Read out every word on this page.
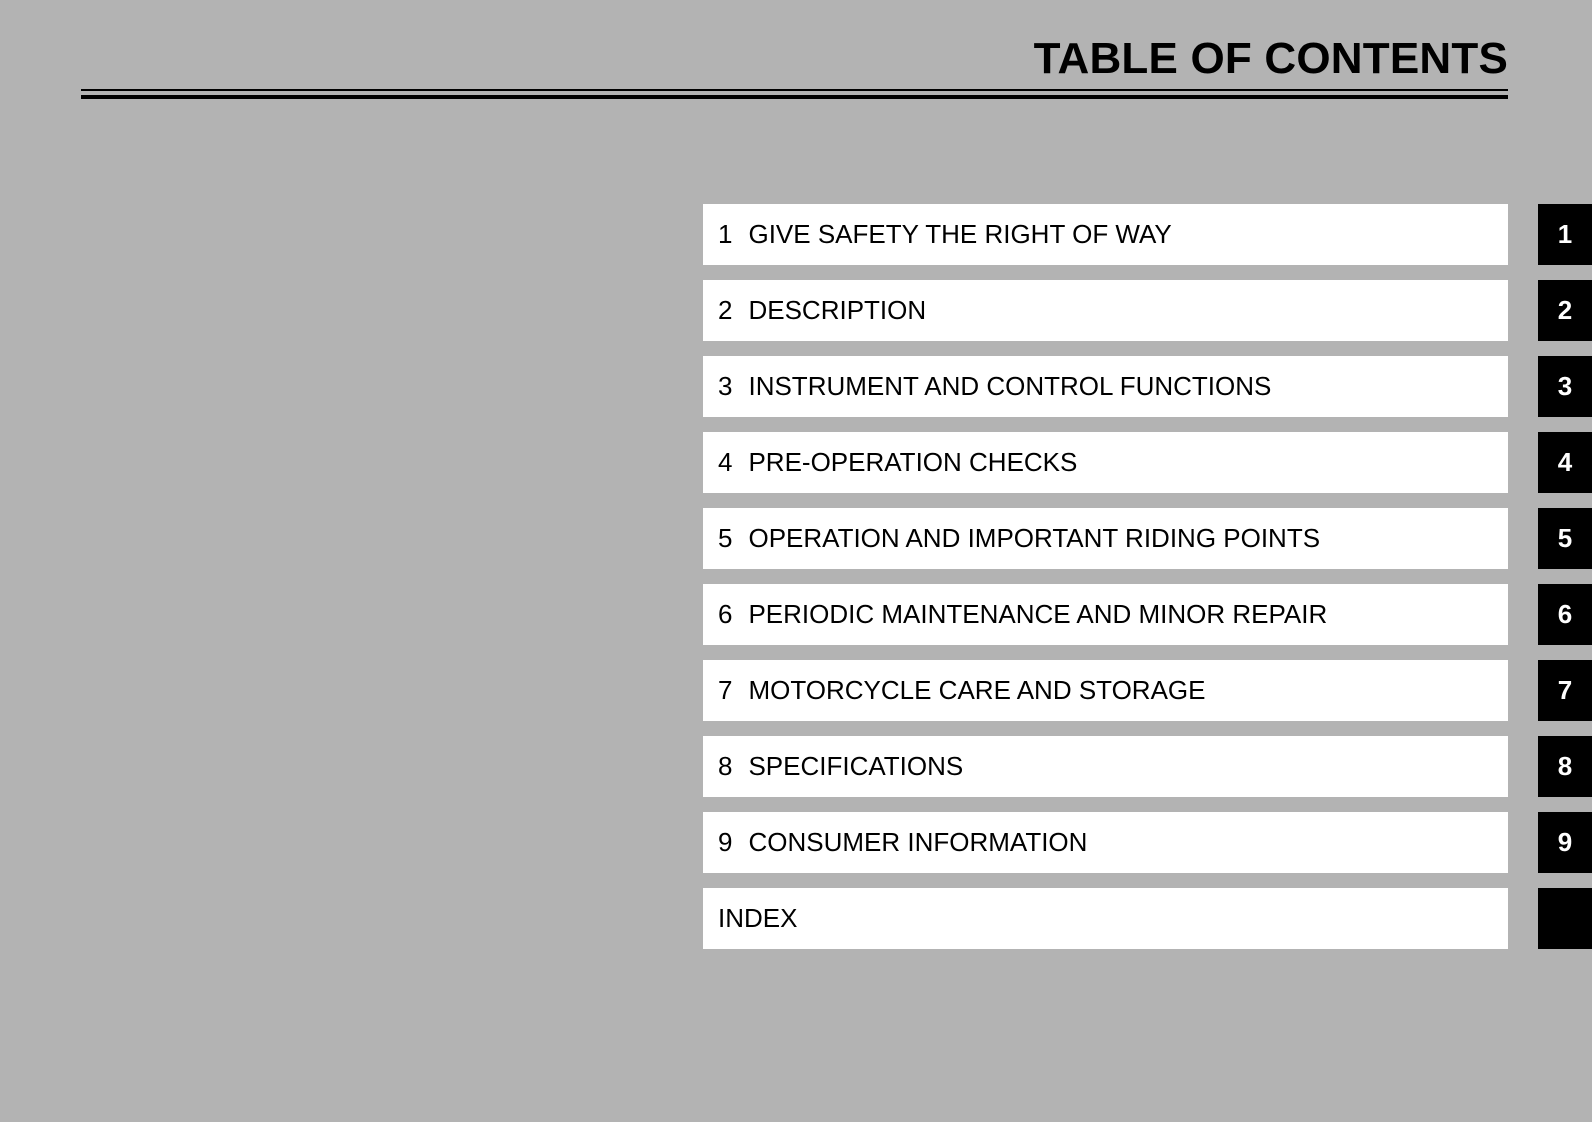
TABLE OF CONTENTS
1 GIVE SAFETY THE RIGHT OF WAY	1
2 DESCRIPTION	2
3 INSTRUMENT AND CONTROL FUNCTIONS	3
4 PRE-OPERATION CHECKS	4
5 OPERATION AND IMPORTANT RIDING POINTS	5
6 PERIODIC MAINTENANCE AND MINOR REPAIR	6
7 MOTORCYCLE CARE AND STORAGE	7
8 SPECIFICATIONS	8
9 CONSUMER INFORMATION	9
INDEX
